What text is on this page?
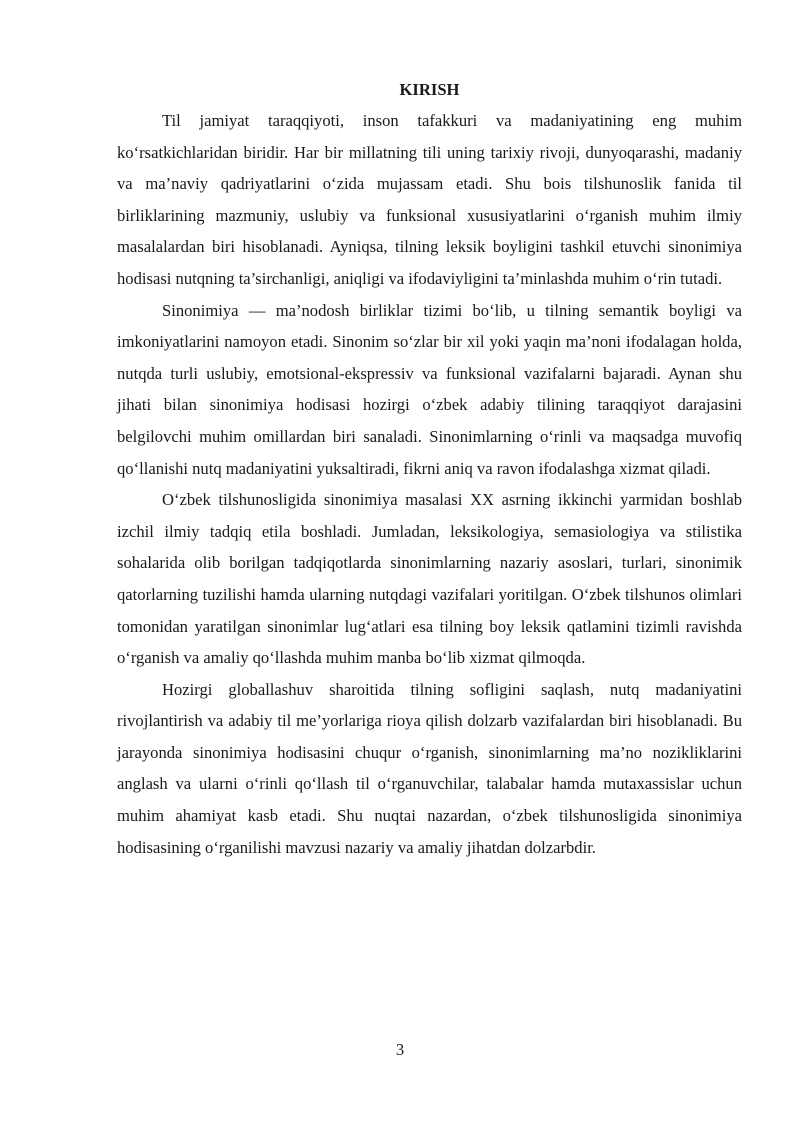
KIRISH

Til jamiyat taraqqiyoti, inson tafakkuri va madaniyatining eng muhim ko‘rsatkichlaridan biridir. Har bir millatning tili uning tarixiy rivoji, dunyoqarashi, madaniy va ma’naviy qadriyatlarini o‘zida mujassam etadi. Shu bois tilshunoslik fanida til birliklarining mazmuniy, uslubiy va funksional xususiyatlarini o‘rganish muhim ilmiy masalalardan biri hisoblanadi. Ayniqsa, tilning leksik boyligini tashkil etuvchi sinonimiya hodisasi nutqning ta’sirchanligi, aniqligi va ifodaviyligini ta’minlashda muhim o‘rin tutadi.

Sinonimiya — ma’nodosh birliklar tizimi bo‘lib, u tilning semantik boyligi va imkoniyatlarini namoyon etadi. Sinonim so‘zlar bir xil yoki yaqin ma’noni ifodalagan holda, nutqda turli uslubiy, emotsional-ekspressiv va funksional vazifalarni bajaradi. Aynan shu jihati bilan sinonimiya hodisasi hozirgi o‘zbek adabiy tilining taraqqiyot darajasini belgilovchi muhim omillardan biri sanaladi. Sinonimlarning o‘rinli va maqsadga muvofiq qo‘llanishi nutq madaniyatini yuksaltiradi, fikrni aniq va ravon ifodalashga xizmat qiladi.

O‘zbek tilshunosligida sinonimiya masalasi XX asrning ikkinchi yarmidan boshlab izchil ilmiy tadqiq etila boshladi. Jumladan, leksikologiya, semasiologiya va stilistika sohalarida olib borilgan tadqiqotlarda sinonimlarning nazariy asoslari, turlari, sinonimik qatorlarning tuzilishi hamda ularning nutqdagi vazifalari yoritilgan. O‘zbek tilshunos olimlari tomonidan yaratilgan sinonimlar lug‘atlari esa tilning boy leksik qatlamini tizimli ravishda o‘rganish va amaliy qo‘llashda muhim manba bo‘lib xizmat qilmoqda.

Hozirgi globallashuv sharoitida tilning sofligini saqlash, nutq madaniyatini rivojlantirish va adabiy til me’yorlariga rioya qilish dolzarb vazifalardan biri hisoblanadi. Bu jarayonda sinonimiya hodisasini chuqur o‘rganish, sinonimlarning ma’no nozikliklarini anglash va ularni o‘rinli qo‘llash til o‘rganuvchilar, talabalar hamda mutaxassislar uchun muhim ahamiyat kasb etadi. Shu nuqtai nazardan, o‘zbek tilshunosligida sinonimiya hodisasining o‘rganilishi mavzusi nazariy va amaliy jihatdan dolzarbdir.

3
